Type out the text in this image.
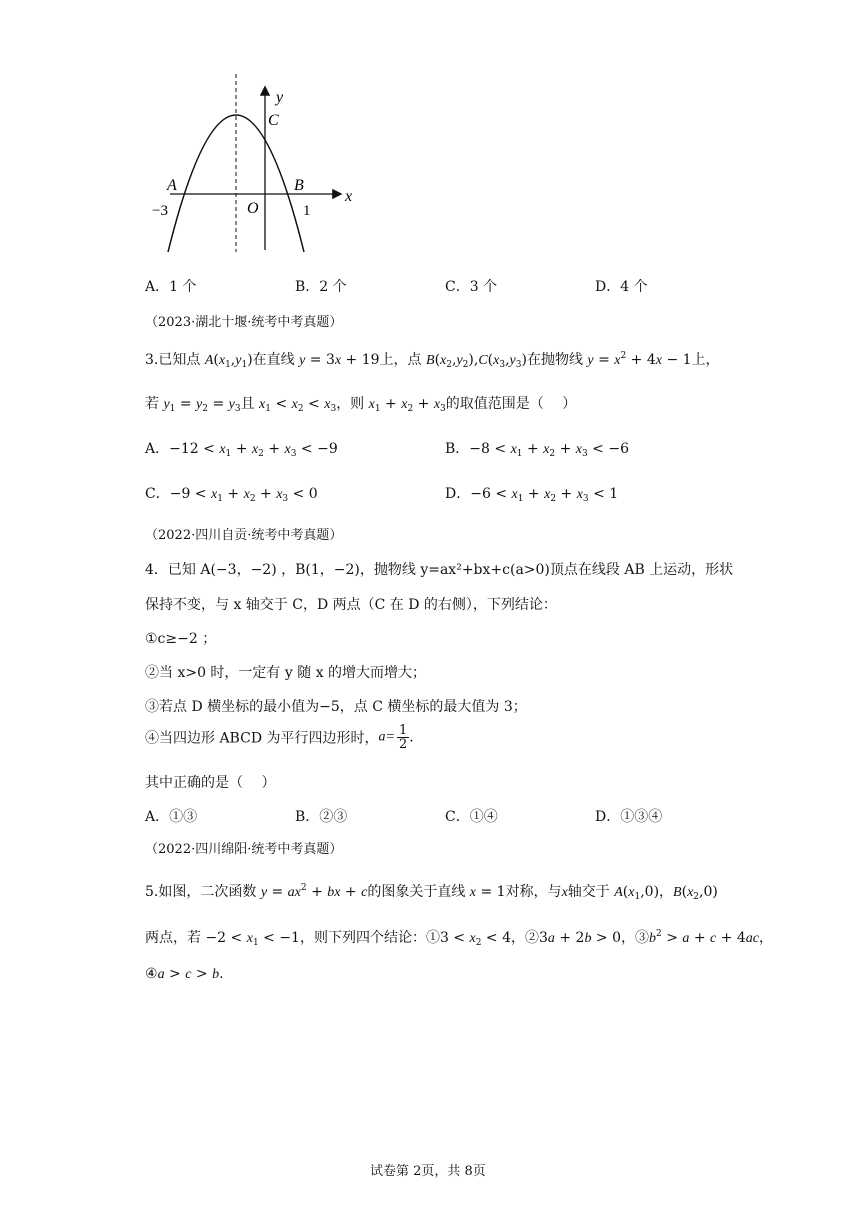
y
x
C
A	B
O
−3	1
A．1 个	B．2 个	C．3 个	D．4 个
（2023·湖北十堰·统考中考真题）
3.已知点 $A(x_1,y_1)$在直线 y = 3x + 19上，点 $B(x_2,y_2),C(x_3,y_3)$在抛物线 $y = x^2 + 4x - 1$上，
若 $y_1 = y_2 = y_3$且 $x_1 < x_2 < x_3$，则 $x_1 + x_2 + x_3$的取值范围是（　 ）
A．$-12 < x_1 + x_2 + x_3 < -9$	B．$-8 < x_1 + x_2 + x_3 < -6$
C．$-9 < x_1 + x_2 + x_3 < 0$	D．$-6 < x_1 + x_2 + x_3 < 1$
（2022·四川自贡·统考中考真题）
4．已知 A(−3，−2) ，B(1，−2)，抛物线 y=ax²+bx+c(a>0)顶点在线段 AB 上运动，形状
保持不变，与 x 轴交于 C，D 两点（C 在 D 的右侧），下列结论：
①c≥−2 ；
②当 x>0 时，一定有 y 随 x 的增大而增大；
③若点 D 横坐标的最小值为−5，点 C 横坐标的最大值为 3；
④当四边形 ABCD 为平行四边形时，$a= \frac{1}{2}$ .
其中正确的是（　 ）
A．①③	B．②③	C．①④	D．①③④
（2022·四川绵阳·统考中考真题）
5.如图，二次函数 $y = ax^2$ + bx + c的图象关于直线 x = 1对称，与x轴交于 $A(x_1,0)$，$B(x_2,0)$
两点，若 $-2 < x_1 < -1$，则下列四个结论：①3 < $x_2 < 4$，②3a + 2b > 0，$③b^2 > a + c + 4ac$，
④a > c > b.
试卷第 2页，共 8页
